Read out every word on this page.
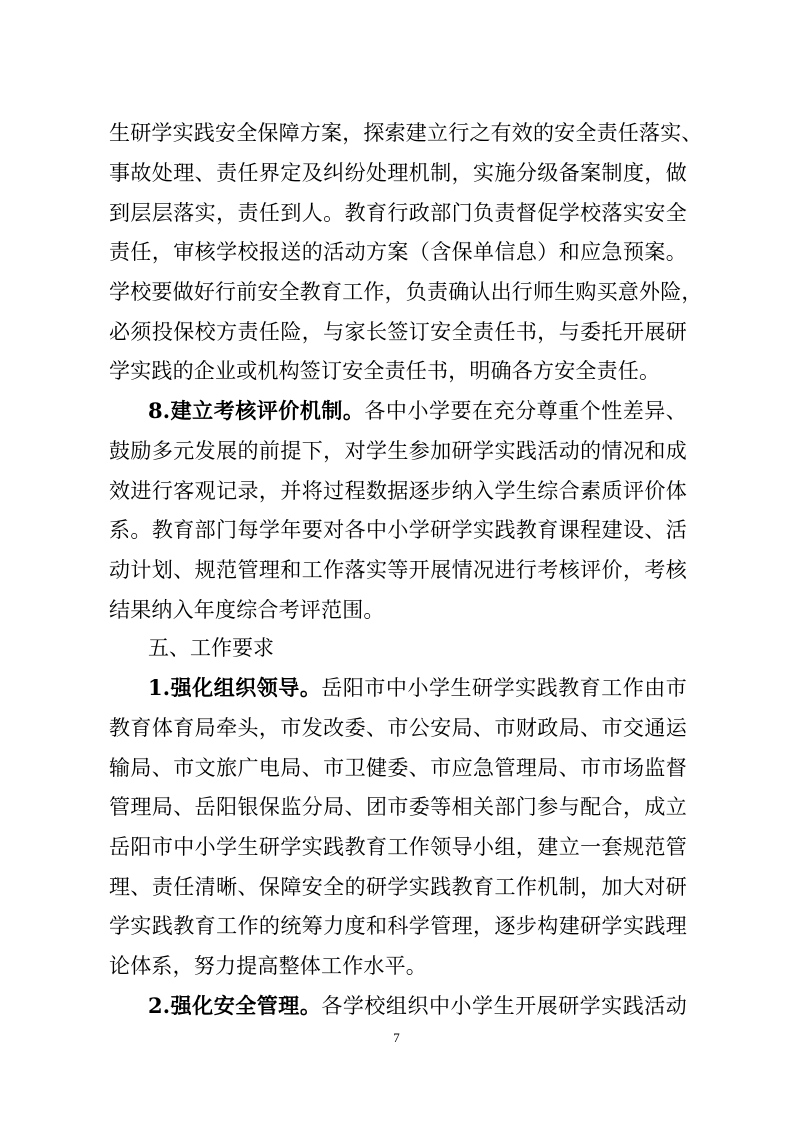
生研学实践安全保障方案，探索建立行之有效的安全责任落实、
事故处理、责任界定及纠纷处理机制，实施分级备案制度，做
到层层落实，责任到人。教育行政部门负责督促学校落实安全
责任，审核学校报送的活动方案（含保单信息）和应急预案。
学校要做好行前安全教育工作，负责确认出行师生购买意外险，
必须投保校方责任险，与家长签订安全责任书，与委托开展研
学实践的企业或机构签订安全责任书，明确各方安全责任。
8.建立考核评价机制。各中小学要在充分尊重个性差异、
鼓励多元发展的前提下，对学生参加研学实践活动的情况和成
效进行客观记录，并将过程数据逐步纳入学生综合素质评价体
系。教育部门每学年要对各中小学研学实践教育课程建设、活
动计划、规范管理和工作落实等开展情况进行考核评价，考核
结果纳入年度综合考评范围。
五、工作要求
1.强化组织领导。岳阳市中小学生研学实践教育工作由市
教育体育局牵头，市发改委、市公安局、市财政局、市交通运
输局、市文旅广电局、市卫健委、市应急管理局、市市场监督
管理局、岳阳银保监分局、团市委等相关部门参与配合，成立
岳阳市中小学生研学实践教育工作领导小组，建立一套规范管
理、责任清晰、保障安全的研学实践教育工作机制，加大对研
学实践教育工作的统筹力度和科学管理，逐步构建研学实践理
论体系，努力提高整体工作水平。
2.强化安全管理。各学校组织中小学生开展研学实践活动
7
